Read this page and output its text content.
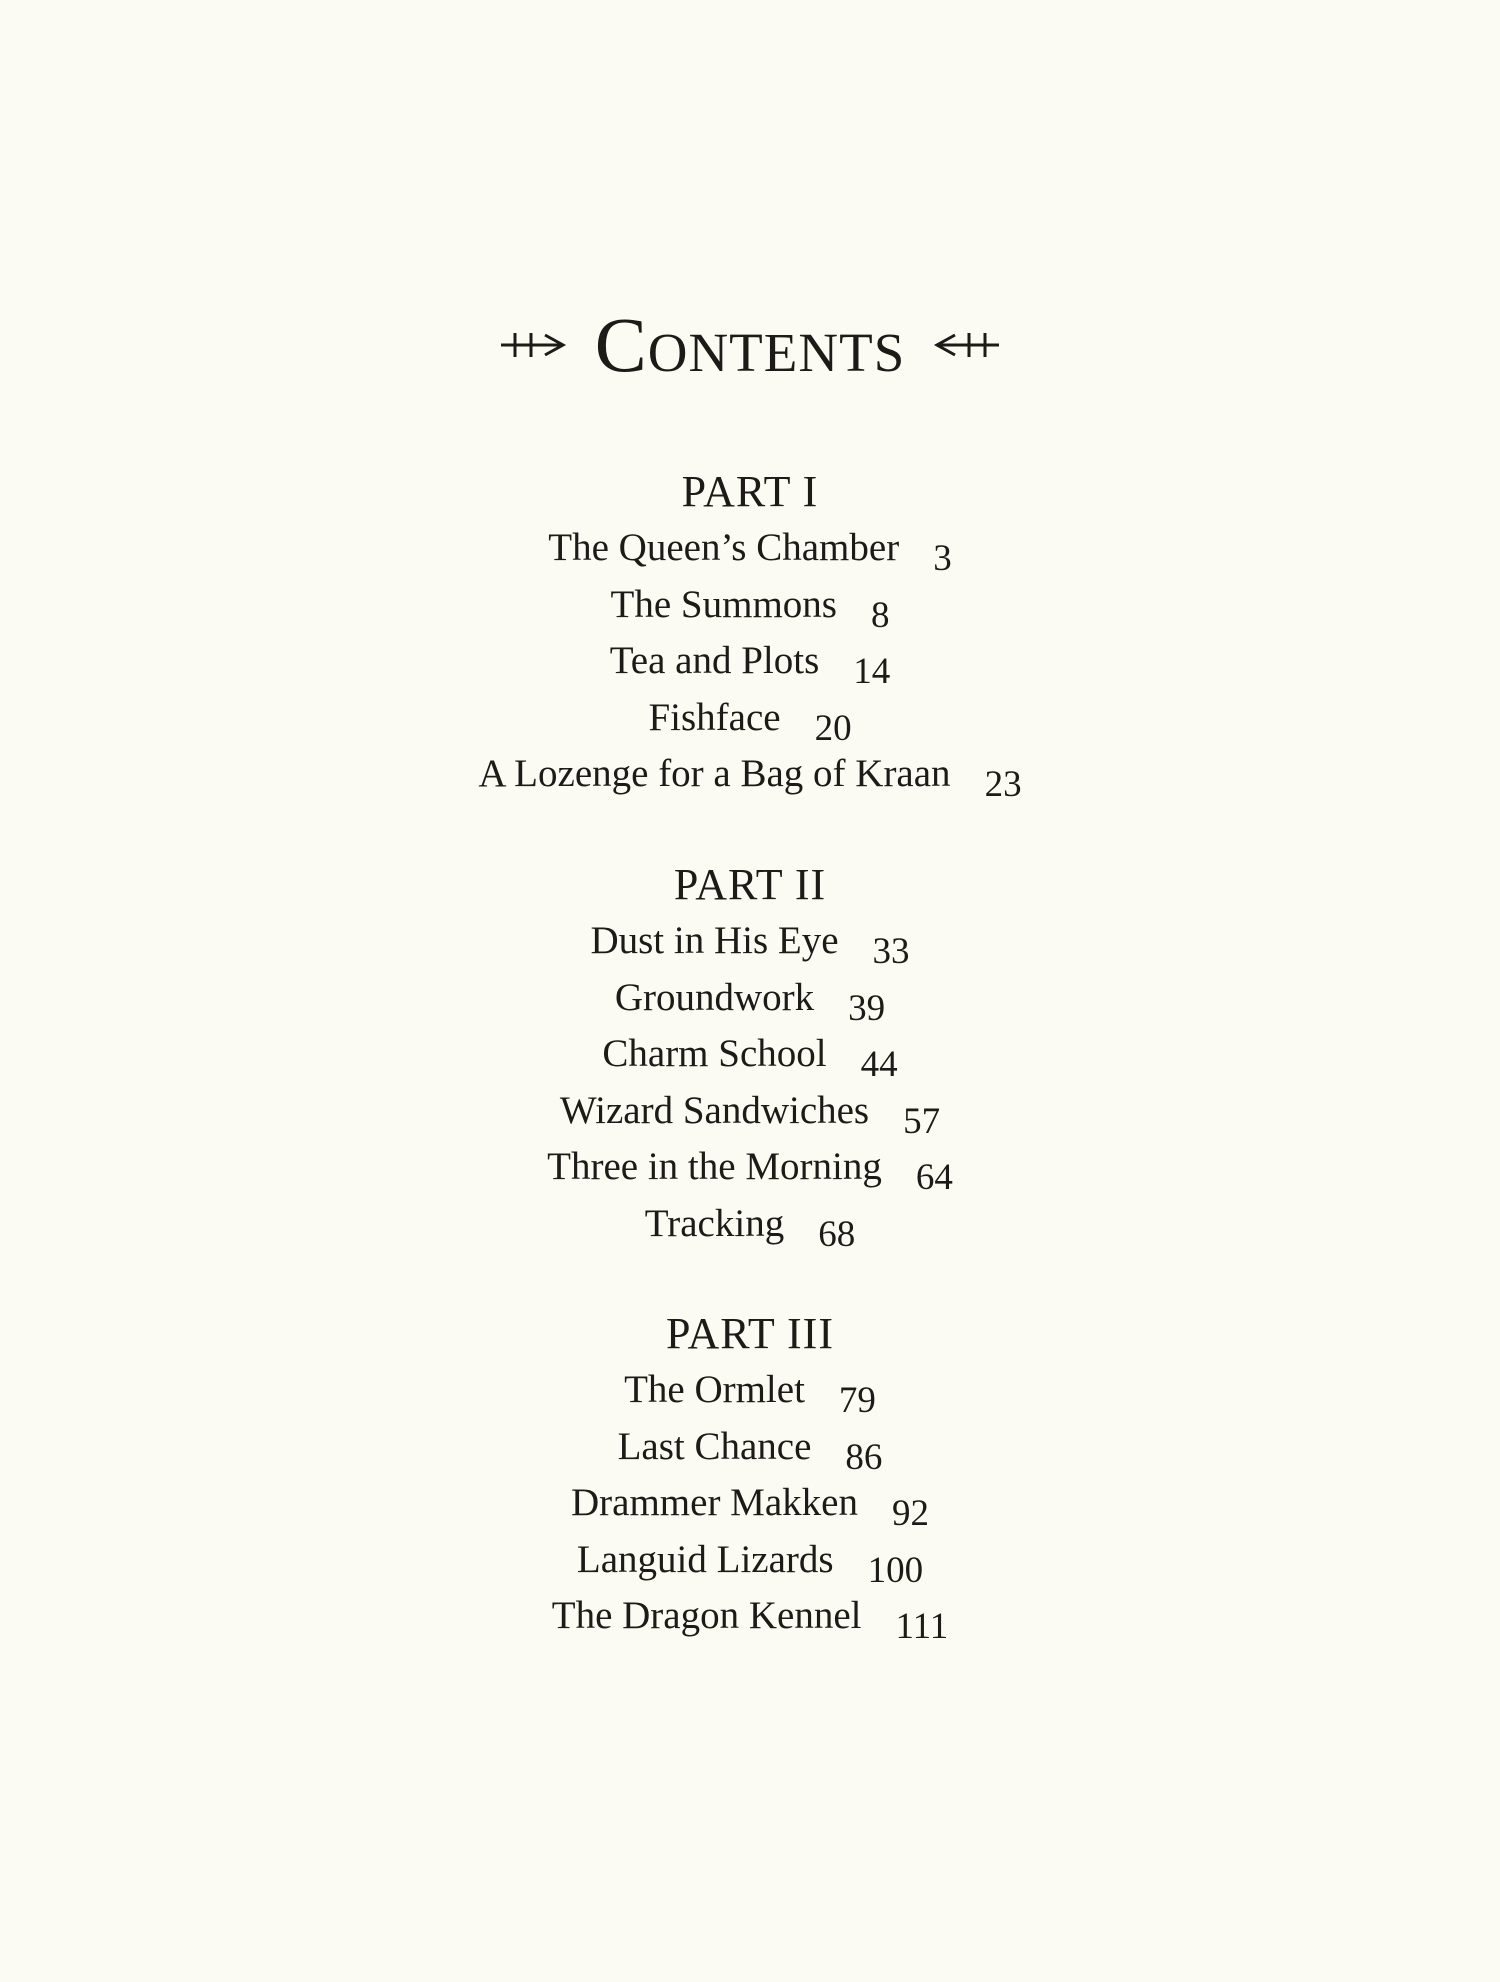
Contents
PART I
The Queen’s Chamber 3
The Summons 8
Tea and Plots 14
Fishface 20
A Lozenge for a Bag of Kraan 23
PART II
Dust in His Eye 33
Groundwork 39
Charm School 44
Wizard Sandwiches 57
Three in the Morning 64
Tracking 68
PART III
The Ormlet 79
Last Chance 86
Drammer Makken 92
Languid Lizards 100
The Dragon Kennel 111
